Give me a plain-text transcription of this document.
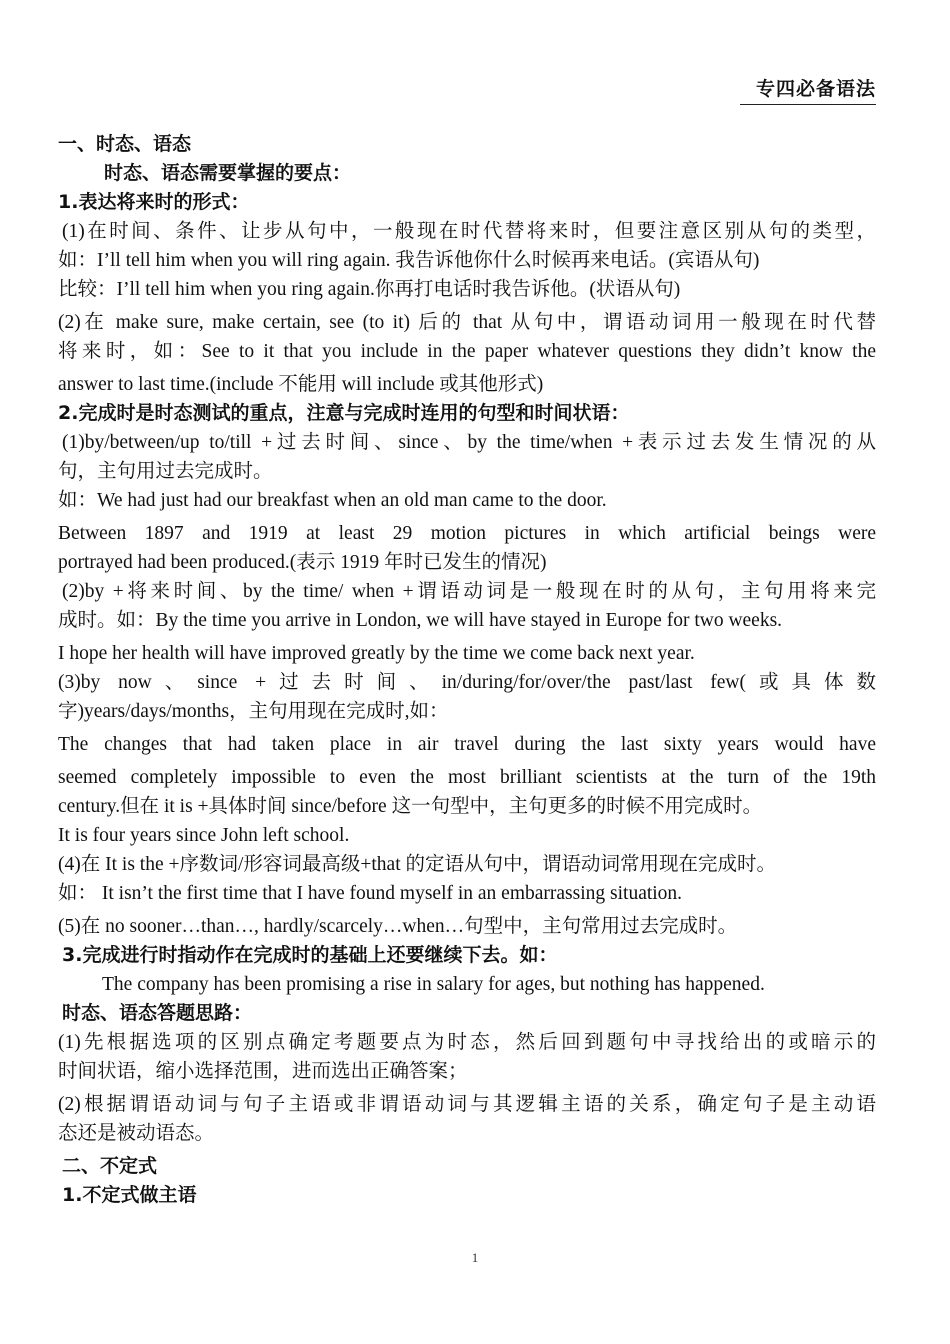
专四必备语法

一、时态、语态

时态、语态需要掌握的要点：

1.表达将来时的形式：

(1)在时间、条件、让步从句中，一般现在时代替将来时，但要注意区别从句的类型，

如：I’ll tell him when you will ring again. 我告诉他你什么时候再来电话。(宾语从句)

比较：I’ll tell him when you ring again.你再打电话时我告诉他。(状语从句)

(2)在 make sure, make certain, see (to it) 后的 that 从句中，谓语动词用一般现在时代替

将来时，如：See to it that you include in the paper whatever questions they didn’t know the

answer to last time.(include 不能用 will include 或其他形式)

2.完成时是时态测试的重点，注意与完成时连用的句型和时间状语：

(1)by/between/up to/till +过去时间、since、by the time/when +表示过去发生情况的从

句，主句用过去完成时。

如：We had just had our breakfast when an old man came to the door.

Between 1897 and 1919 at least 29 motion pictures in which artificial beings were

portrayed had been produced.(表示 1919 年时已发生的情况)

(2)by +将来时间、by the time/ when +谓语动词是一般现在时的从句，主句用将来完

成时。如：By the time you arrive in London, we will have stayed in Europe for two weeks.

I hope her health will have improved greatly by the time we come back next year.

(3)by now、since +过去时间、in/during/for/over/the past/last few(或具体数

字)years/days/months，主句用现在完成时,如：

The changes that had taken place in air travel during the last sixty years would have

seemed completely impossible to even the most brilliant scientists at the turn of the 19th

century.但在 it is +具体时间 since/before 这一句型中，主句更多的时候不用完成时。

It is four years since John left school.

(4)在 It is the +序数词/形容词最高级+that 的定语从句中，谓语动词常用现在完成时。

如： It isn’t the first time that I have found myself in an embarrassing situation.

(5)在 no sooner…than…, hardly/scarcely…when…句型中，主句常用过去完成时。

3.完成进行时指动作在完成时的基础上还要继续下去。如：

The company has been promising a rise in salary for ages, but nothing has happened.

时态、语态答题思路：

(1)先根据选项的区别点确定考题要点为时态，然后回到题句中寻找给出的或暗示的

时间状语，缩小选择范围，进而选出正确答案；

(2)根据谓语动词与句子主语或非谓语动词与其逻辑主语的关系，确定句子是主动语

态还是被动语态。

二、不定式

1.不定式做主语

1
